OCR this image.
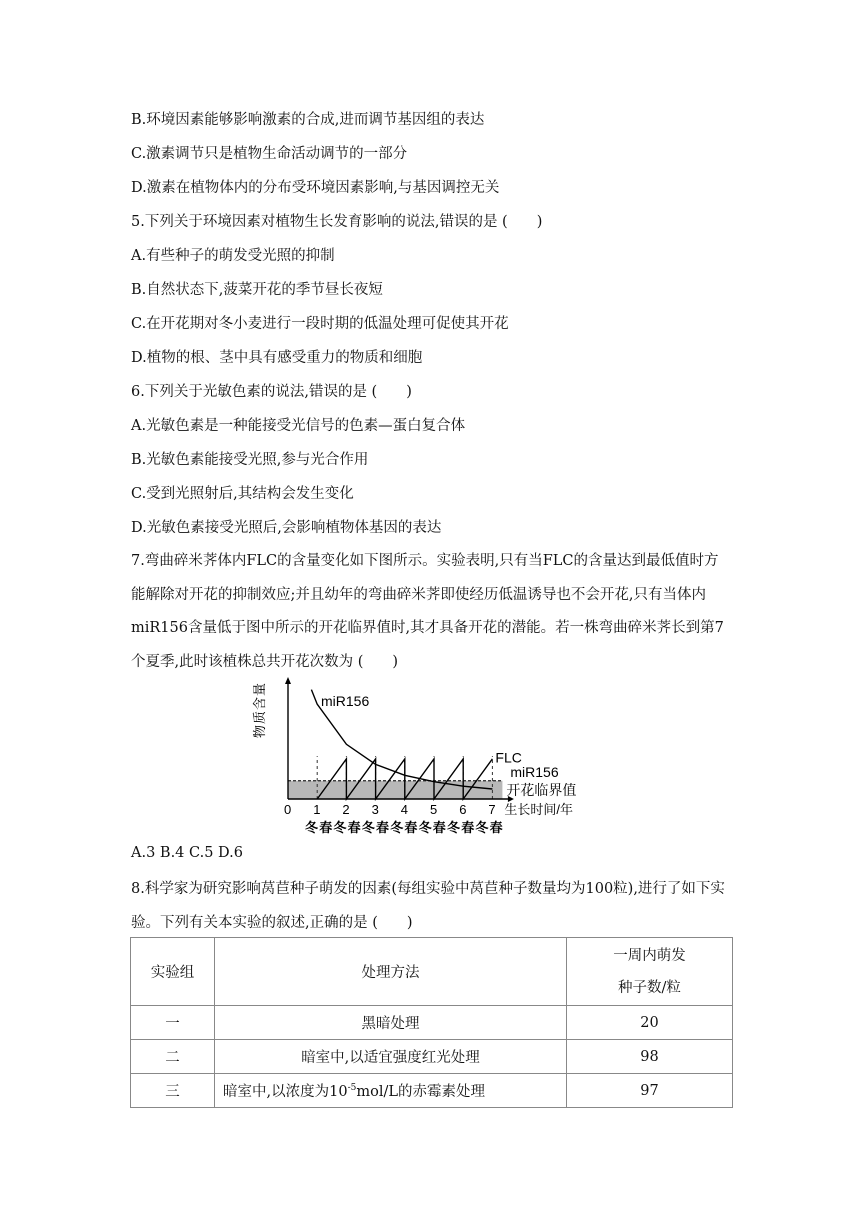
B.环境因素能够影响激素的合成,进而调节基因组的表达
C.激素调节只是植物生命活动调节的一部分
D.激素在植物体内的分布受环境因素影响,与基因调控无关
5.下列关于环境因素对植物生长发育影响的说法,错误的是 (　　)
A.有些种子的萌发受光照的抑制
B.自然状态下,菠菜开花的季节昼长夜短
C.在开花期对冬小麦进行一段时期的低温处理可促使其开花
D.植物的根、茎中具有感受重力的物质和细胞
6.下列关于光敏色素的说法,错误的是 (　　)
A.光敏色素是一种能接受光信号的色素—蛋白复合体
B.光敏色素能接受光照,参与光合作用
C.受到光照射后,其结构会发生变化
D.光敏色素接受光照后,会影响植物体基因的表达
7.弯曲碎米荠体内FLC的含量变化如下图所示。实验表明,只有当FLC的含量达到最低值时方能解除对开花的抑制效应;并且幼年的弯曲碎米荠即使经历低温诱导也不会开花,只有当体内miR156含量低于图中所示的开花临界值时,其才具备开花的潜能。若一株弯曲碎米荠长到第7个夏季,此时该植株总共开花次数为 (　　)
miR156
FLC
miR156
开花临界值
物
质
含
量
0 1 2 3 4 5 6 7 生长时间/年
冬 春 冬 春 冬 春 冬 春 冬 春 冬 春 冬 春
A.3 B.4 C.5 D.6
8.科学家为研究影响莴苣种子萌发的因素(每组实验中莴苣种子数量均为100粒),进行了如下实验。下列有关本实验的叙述,正确的是 (　　)
实验组	处理方法	一周内萌发
种子数/粒
一	黑暗处理	20
二	暗室中,以适宜强度红光处理	98
三	暗室中,以浓度为$10^{-5}mol/L$的赤霉素处理	97
